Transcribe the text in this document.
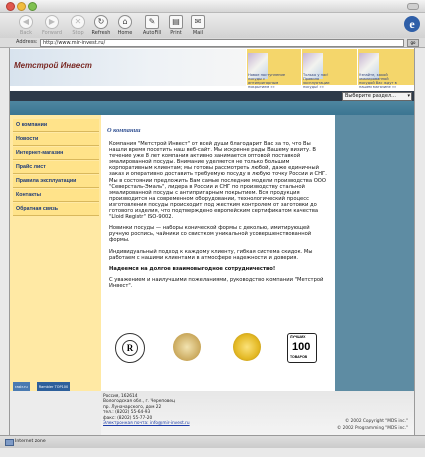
◀
Back
▶
Forward
✕
Stop
↻
Refresh
⌂
Home
✎
AutoFill
▤
Print
✉
Mail
e
Address:	http://www.mir-invest.ru/	go
Метстрой Инвест
Новое поступление посуды с антипригарным покрытием »»
Только у нас! Правила эксплуатации посуды! »»
Узнайте, какой эмалированной посудой Вас ждут в нашем магазине »»
Выберите раздел... ▾
О компании
Новости
Интернет-магазин
Прайс лист
Правила эксплуатации
Контакты
Обратная связь
rastr.ru	Rambler TOP100
О компании

Компания "Метстрой Инвест" от всей души благодарит Вас за то, что Вы нашли время посетить наш веб-сайт. Мы искренне рады Вашему визиту. В течение уже 8 лет компания активно занимается оптовой поставкой эмалированной посуды. Внимание уделяется не только большим корпоративным клиентам; мы готовы рассмотреть любой, даже единичный заказ и оперативно доставить требуемую посуду в любую точку России и СНГ. Мы в состоянии предложить Вам самые последние модели производства ООО "Северсталь-Эмаль", лидера в России и СНГ по производству стальной эмалированной посуды с антипригарным покрытием. Вся продукция производится на современном оборудовании, технологический процесс изготовления посуды происходит под жестким контролем от заготовки до готового изделия, что подтверждено европейским сертификатом качества "Lloid Registr" ISO-9002.

Новинки посуды — наборы конической формы с деколью, имитирующей ручную роспись, чайники со свистком уникальной усовершенствованной формы.

Индивидуальный подход к каждому клиенту, гибкая система скидок. Мы работаем с нашими клиентами в атмосфере надежности и доверия.

Надеемся на долгое взаимовыгодное сотрудничество!

С уважением и наилучшими пожеланиями, руководство компании "Метстрой Инвест".

R
ЛУЧШИХ
100
ТОВАРОВ
Россия, 162614
Вологодская обл., г. Череповец
пр. Луначарского, дом 22
тел.: (8202) 55-64-93
факс: (8202) 55-77-20
Электронная почта: info@mir-invest.ru	© 2002 Copyright "MDS inc."
© 2002 Programming "MDS inc."
Internet zone
